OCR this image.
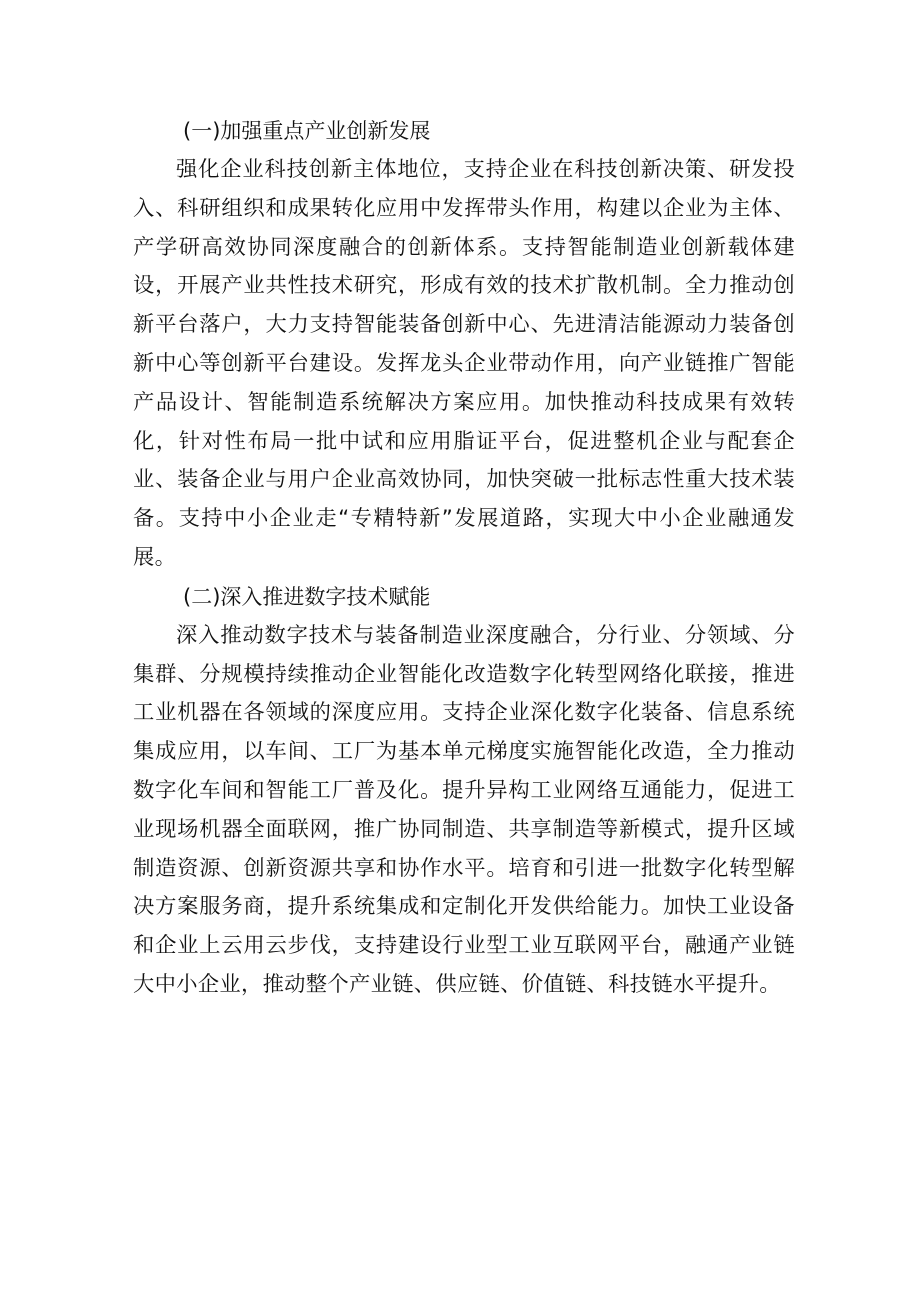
(一)加强重点产业创新发展

强化企业科技创新主体地位，支持企业在科技创新决策、研发投入、科研组织和成果转化应用中发挥带头作用，构建以企业为主体、产学研高效协同深度融合的创新体系。支持智能制造业创新载体建设，开展产业共性技术研究，形成有效的技术扩散机制。全力推动创新平台落户，大力支持智能装备创新中心、先进清洁能源动力装备创新中心等创新平台建设。发挥龙头企业带动作用，向产业链推广智能产品设计、智能制造系统解决方案应用。加快推动科技成果有效转化，针对性布局一批中试和应用脂证平台，促进整机企业与配套企业、装备企业与用户企业高效协同，加快突破一批标志性重大技术装备。支持中小企业走“专精特新”发展道路，实现大中小企业融通发展。

(二)深入推进数字技术赋能

深入推动数字技术与装备制造业深度融合，分行业、分领域、分集群、分规模持续推动企业智能化改造数字化转型网络化联接，推进工业机器在各领域的深度应用。支持企业深化数字化装备、信息系统集成应用，以车间、工厂为基本单元梯度实施智能化改造，全力推动数字化车间和智能工厂普及化。提升异构工业网络互通能力，促进工业现场机器全面联网，推广协同制造、共享制造等新模式，提升区域制造资源、创新资源共享和协作水平。培育和引进一批数字化转型解决方案服务商，提升系统集成和定制化开发供给能力。加快工业设备和企业上云用云步伐，支持建设行业型工业互联网平台，融通产业链大中小企业，推动整个产业链、供应链、价值链、科技链水平提升。
